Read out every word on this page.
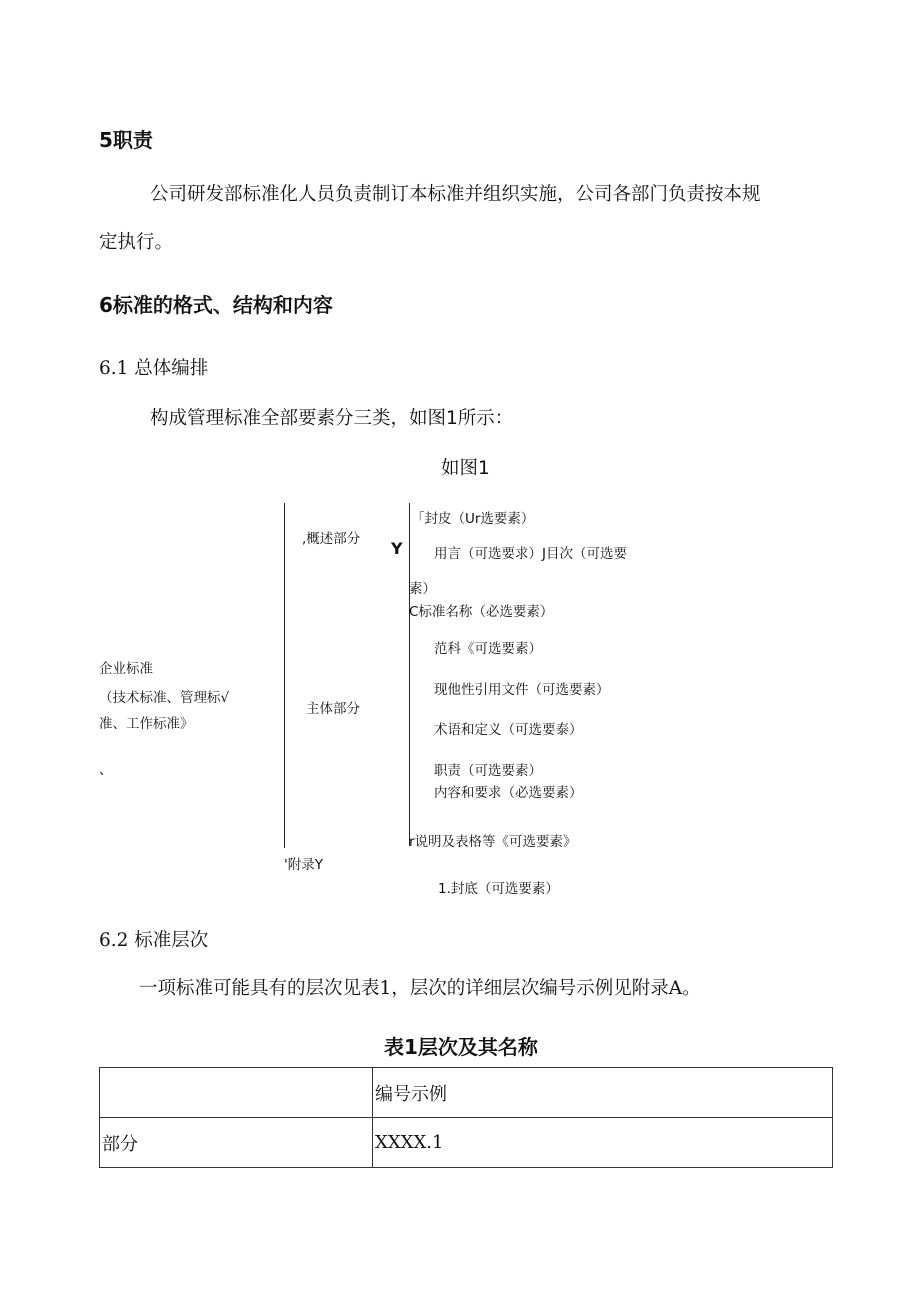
5职责
公司研发部标准化人员负责制订本标准并组织实施，公司各部门负责按本规
定执行。
6标准的格式、结构和内容
6.1 总体编排
构成管理标准全部要素分三类，如图1所示：
如图1
企业标准
（技术标准、管理标√
准、工作标准》
、
,概述部分 Y
主体部分
'附录Y
「封皮（Ur选要素）
用言（可选要求）J目次（可选要
素）
C标准名称（必选要素）
范科《可选要素）
现他性引用文件（可选要素）
术语和定义（可选要泰）
职责（可选要素）
内容和要求（必选要素）
r说明及表格等《可选要素》
1.封底（可选要素）
6.2 标准层次
一项标准可能具有的层次见表1，层次的详细层次编号示例见附录A。
表1层次及其名称
	编号示例
部分	XXXX.1
